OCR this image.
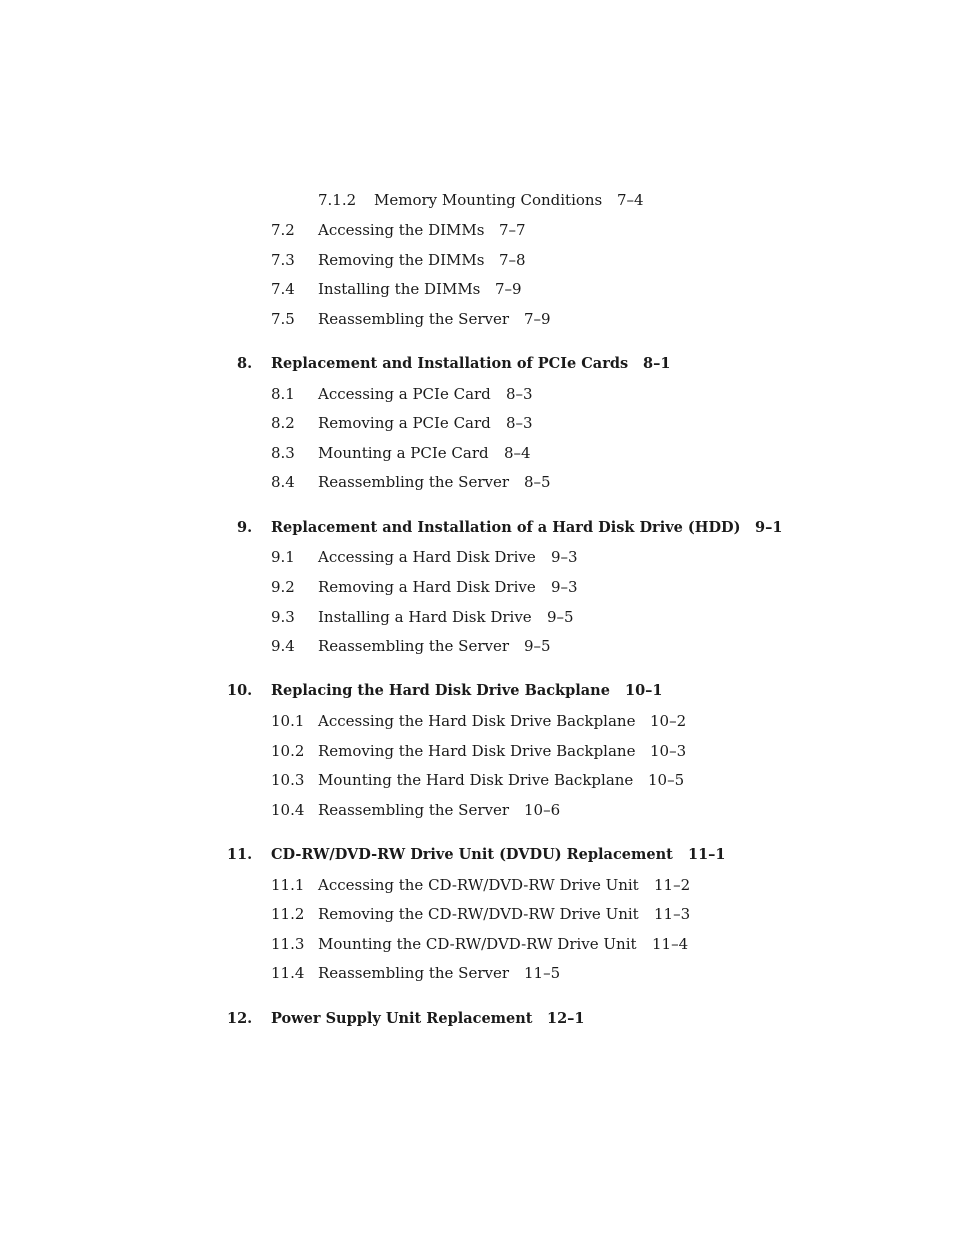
7.1.2 Memory Mounting Conditions 7–4
7.2 Accessing the DIMMs 7–7
7.3 Removing the DIMMs 7–8
7.4 Installing the DIMMs 7–9
7.5 Reassembling the Server 7–9
8. Replacement and Installation of PCIe Cards 8–1
8.1 Accessing a PCIe Card 8–3
8.2 Removing a PCIe Card 8–3
8.3 Mounting a PCIe Card 8–4
8.4 Reassembling the Server 8–5
9. Replacement and Installation of a Hard Disk Drive (HDD) 9–1
9.1 Accessing a Hard Disk Drive 9–3
9.2 Removing a Hard Disk Drive 9–3
9.3 Installing a Hard Disk Drive 9–5
9.4 Reassembling the Server 9–5
10. Replacing the Hard Disk Drive Backplane 10–1
10.1 Accessing the Hard Disk Drive Backplane 10–2
10.2 Removing the Hard Disk Drive Backplane 10–3
10.3 Mounting the Hard Disk Drive Backplane 10–5
10.4 Reassembling the Server 10–6
11. CD-RW/DVD-RW Drive Unit (DVDU) Replacement 11–1
11.1 Accessing the CD-RW/DVD-RW Drive Unit 11–2
11.2 Removing the CD-RW/DVD-RW Drive Unit 11–3
11.3 Mounting the CD-RW/DVD-RW Drive Unit 11–4
11.4 Reassembling the Server 11–5
12. Power Supply Unit Replacement 12–1
